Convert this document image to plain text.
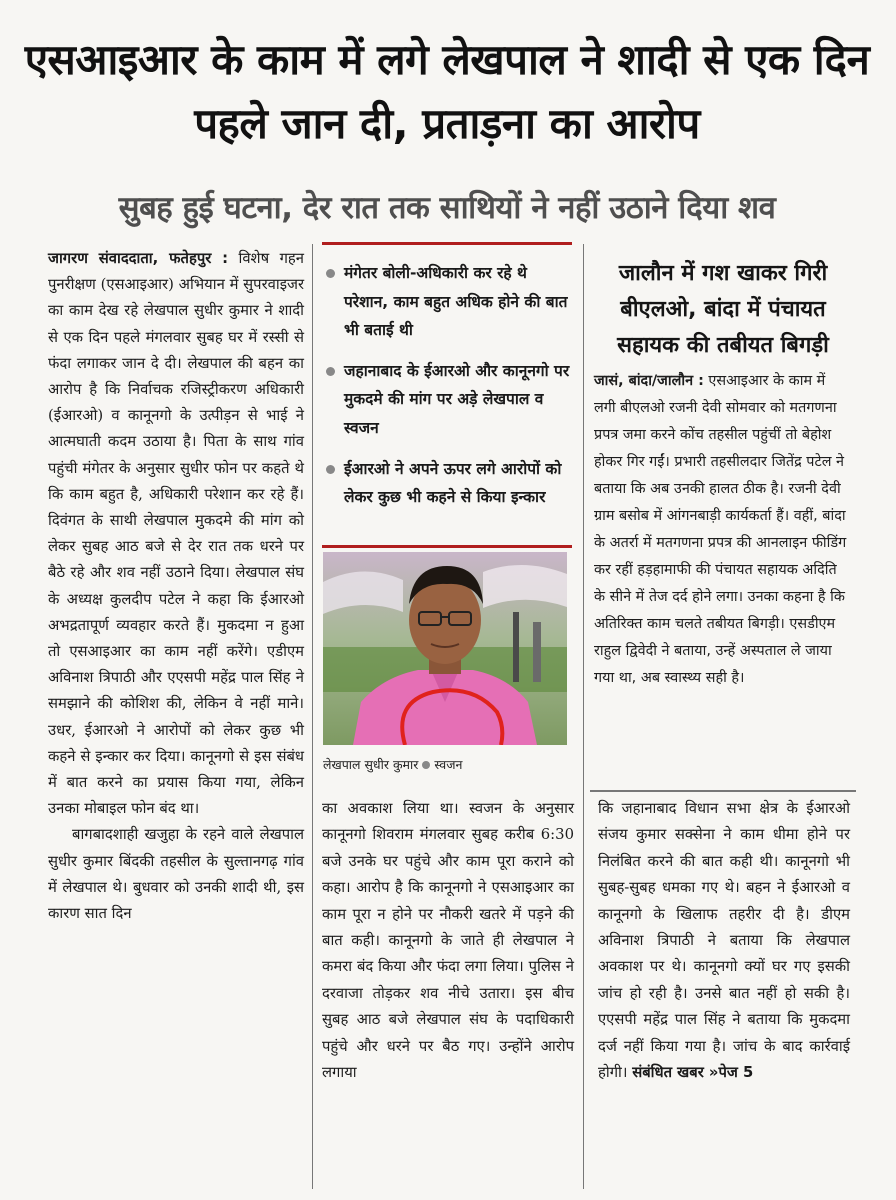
एसआइआर के काम में लगे लेखपाल ने शादी से एक दिन पहले जान दी, प्रताड़ना का आरोप
सुबह हुई घटना, देर रात तक साथियों ने नहीं उठाने दिया शव

जागरण संवाददाता, फतेहपुर : विशेष गहन पुनरीक्षण (एसआइआर) अभियान में सुपरवाइजर का काम देख रहे लेखपाल सुधीर कुमार ने शादी से एक दिन पहले मंगलवार सुबह घर में रस्सी से फंदा लगाकर जान दे दी। लेखपाल की बहन का आरोप है कि निर्वाचक रजिस्ट्रीकरण अधिकारी (ईआरओ) व कानूनगो के उत्पीड़न से भाई ने आत्मघाती कदम उठाया है। पिता के साथ गांव पहुंची मंगेतर के अनुसार सुधीर फोन पर कहते थे कि काम बहुत है, अधिकारी परेशान कर रहे हैं। दिवंगत के साथी लेखपाल मुकदमे की मांग को लेकर सुबह आठ बजे से देर रात तक धरने पर बैठे रहे और शव नहीं उठाने दिया। लेखपाल संघ के अध्यक्ष कुलदीप पटेल ने कहा कि ईआरओ अभद्रतापूर्ण व्यवहार करते हैं। मुकदमा न हुआ तो एसआइआर का काम नहीं करेंगे। एडीएम अविनाश त्रिपाठी और एएसपी महेंद्र पाल सिंह ने समझाने की कोशिश की, लेकिन वे नहीं माने। उधर, ईआरओ ने आरोपों को लेकर कुछ भी कहने से इन्कार कर दिया। कानूनगो से इस संबंध में बात करने का प्रयास किया गया, लेकिन उनका मोबाइल फोन बंद था।

बागबादशाही खजुहा के रहने वाले लेखपाल सुधीर कुमार बिंदकी तहसील के सुल्तानगढ़ गांव में लेखपाल थे। बुधवार को उनकी शादी थी, इस कारण सात दिन

मंगेतर बोली-अधिकारी कर रहे थे परेशान, काम बहुत अधिक होने की बात भी बताई थी
जहानाबाद के ईआरओ और कानूनगो पर मुकदमे की मांग पर अड़े लेखपाल व स्वजन
ईआरओ ने अपने ऊपर लगे आरोपों को लेकर कुछ भी कहने से किया इन्कार
लेखपाल सुधीर कुमार स्वजन
जालौन में गश खाकर गिरी बीएलओ, बांदा में पंचायत सहायक की तबीयत बिगड़ी

जासं, बांदा/जालौन : एसआइआर के काम में लगी बीएलओ रजनी देवी सोमवार को मतगणना प्रपत्र जमा करने कोंच तहसील पहुंचीं तो बेहोश होकर गिर गईं। प्रभारी तहसीलदार जितेंद्र पटेल ने बताया कि अब उनकी हालत ठीक है। रजनी देवी ग्राम बसोब में आंगनबाड़ी कार्यकर्ता हैं। वहीं, बांदा के अतर्रा में मतगणना प्रपत्र की आनलाइन फीडिंग कर रहीं हड़हामाफी की पंचायत सहायक अदिति के सीने में तेज दर्द होने लगा। उनका कहना है कि अतिरिक्त काम चलते तबीयत बिगड़ी। एसडीएम राहुल द्विवेदी ने बताया, उन्हें अस्पताल ले जाया गया था, अब स्वास्थ्य सही है।

का अवकाश लिया था। स्वजन के अनुसार कानूनगो शिवराम मंगलवार सुबह करीब 6:30 बजे उनके घर पहुंचे और काम पूरा कराने को कहा। आरोप है कि कानूनगो ने एसआइआर का काम पूरा न होने पर नौकरी खतरे में पड़ने की बात कही। कानूनगो के जाते ही लेखपाल ने कमरा बंद किया और फंदा लगा लिया। पुलिस ने दरवाजा तोड़कर शव नीचे उतारा। इस बीच सुबह आठ बजे लेखपाल संघ के पदाधिकारी पहुंचे और धरने पर बैठ गए। उन्होंने आरोप लगाया

कि जहानाबाद विधान सभा क्षेत्र के ईआरओ संजय कुमार सक्सेना ने काम धीमा होने पर निलंबित करने की बात कही थी। कानूनगो भी सुबह-सुबह धमका गए थे। बहन ने ईआरओ व कानूनगो के खिलाफ तहरीर दी है। डीएम अविनाश त्रिपाठी ने बताया कि लेखपाल अवकाश पर थे। कानूनगो क्यों घर गए इसकी जांच हो रही है। उनसे बात नहीं हो सकी है। एएसपी महेंद्र पाल सिंह ने बताया कि मुकदमा दर्ज नहीं किया गया है। जांच के बाद कार्रवाई होगी। संबंधित खबर »पेज 5
